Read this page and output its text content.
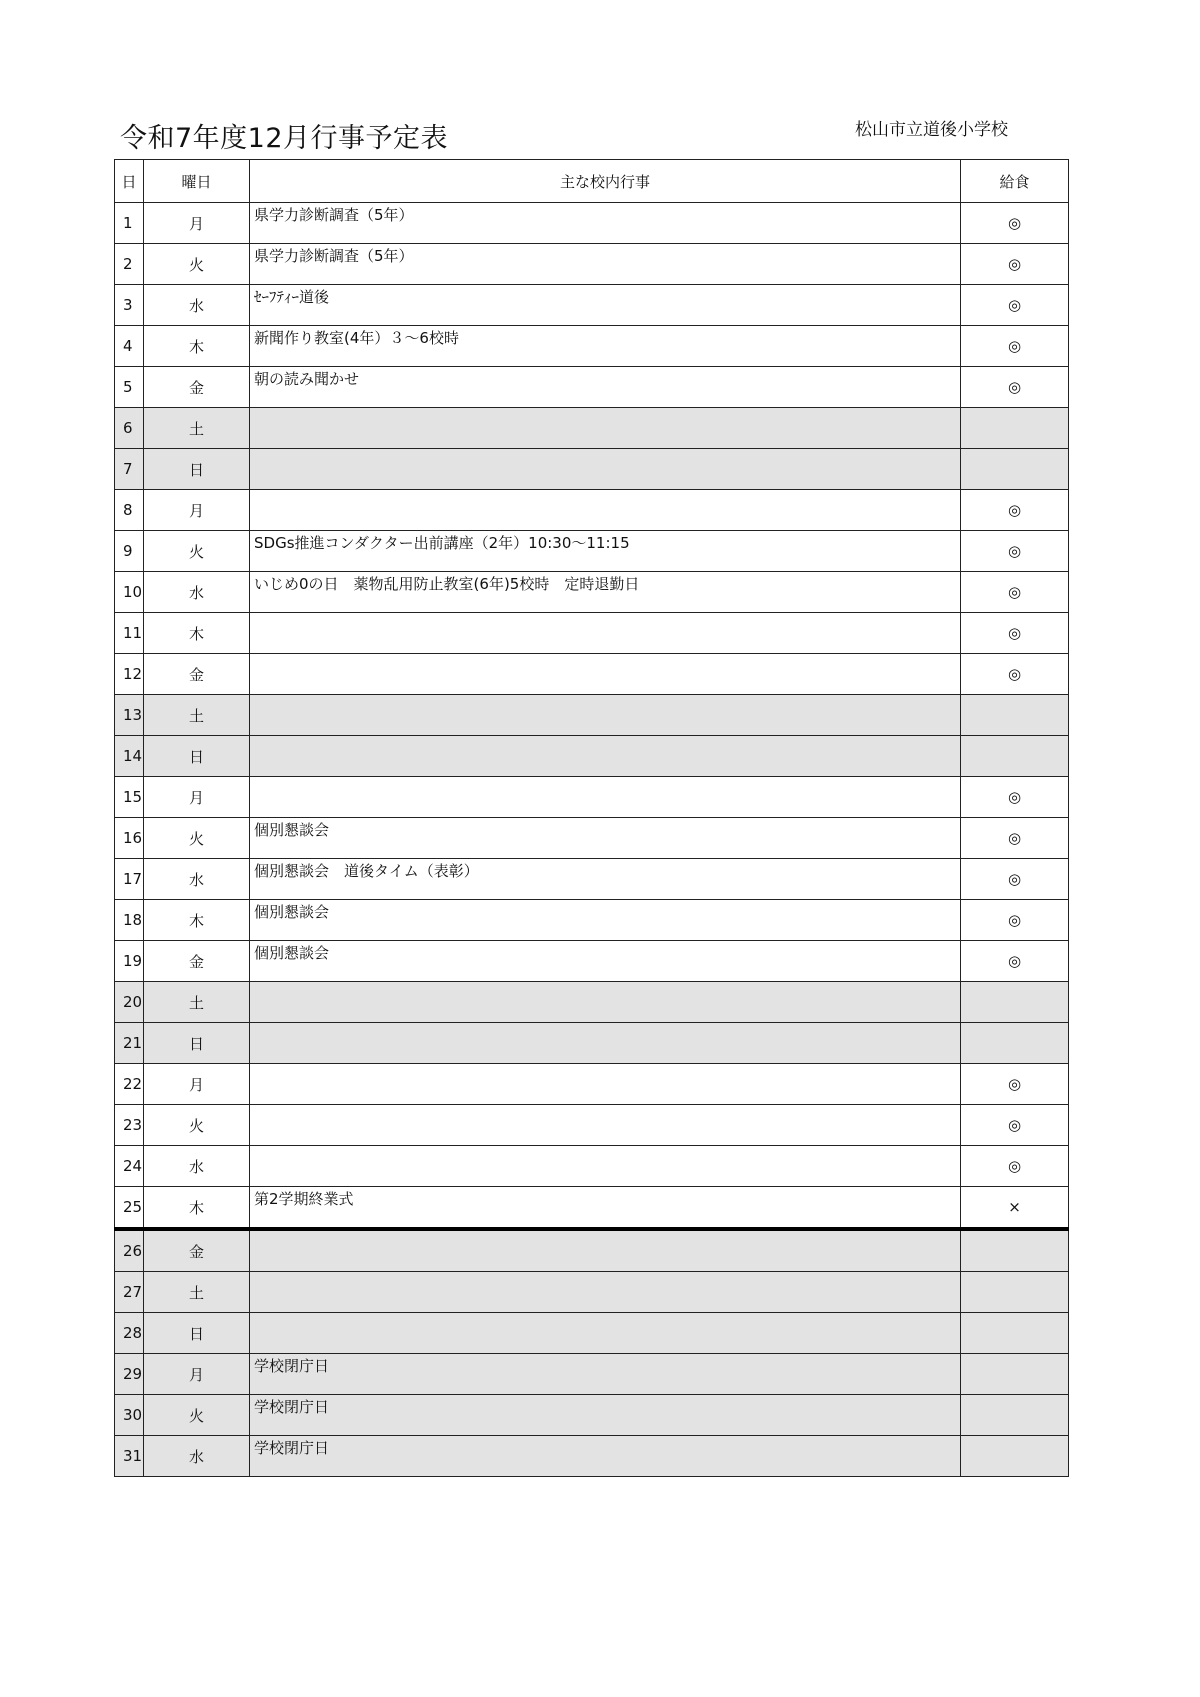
令和7年度12月行事予定表	松山市立道後小学校
日	曜日	主な校内行事	給食
1	月	県学力診断調査（5年）	◎
2	火	県学力診断調査（5年）	◎
3	水	ｾｰﾌﾃｨｰ道後	◎
4	木	新聞作り教室(4年）３～6校時	◎
5	金	朝の読み聞かせ	◎
6	土		
7	日		
8	月		◎
9	火	SDGs推進コンダクター出前講座（2年）10:30～11:15	◎
10	水	いじめ0の日　薬物乱用防止教室(6年)5校時　定時退勤日	◎
11	木		◎
12	金		◎
13	土		
14	日		
15	月		◎
16	火	個別懇談会	◎
17	水	個別懇談会　道後タイム（表彰）	◎
18	木	個別懇談会	◎
19	金	個別懇談会	◎
20	土		
21	日		
22	月		◎
23	火		◎
24	水		◎
25	木	第2学期終業式	×
26	金		
27	土		
28	日		
29	月	学校閉庁日	
30	火	学校閉庁日	
31	水	学校閉庁日	
